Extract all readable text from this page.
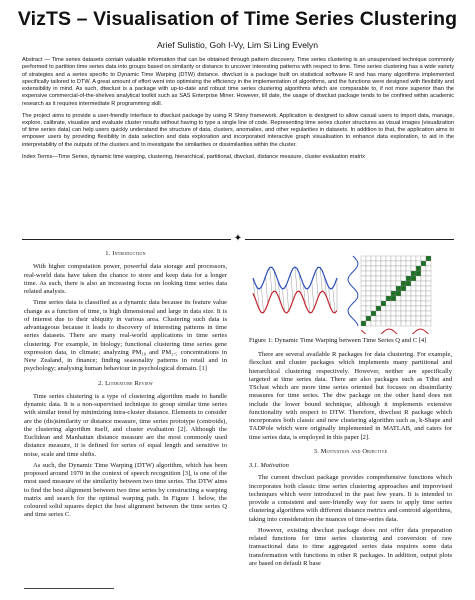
VizTS – Visualisation of Time Series Clustering
Arief Sulistio, Goh I-Vy, Lim Si Ling Evelyn

Abstract — Time series datasets contain valuable information that can be obtained through pattern discovery. Time series clustering is an unsupervised technique commonly performed to partition time series data into groups based on similarity or distance to uncover interesting patterns with respect to time. Time series clustering has a wide variety of strategies and a series specific to Dynamic Time Warping (DTW) distance. dtwclust is a package built on statistical software R and has many algorithms implemented specifically tailored to DTW. A great amount of effort went into optimising the efficiency in the implementation of algorithms, and the functions were designed with flexibility and extensibility in mind. As such, dtwclust is a package with up-to-date and robust time series clustering algorithms which are comparable to, if not more superior than the expensive commercial-of-the-shelves analytical toolkit such as SAS Enterprise Miner. However, till date, the usage of dtwclust package tends to be confined within academic research as it requires intermediate R programming skill.

The project aims to provide a user-friendly interface to dtwclust package by using R Shiny framework. Application is designed to allow casual users to import data, manage, explore, calibrate, visualize and evaluate cluster results without having to type a single line of code. Representing time series cluster structures as visual images (visualization of time series data) can help users quickly understand the structure of data, clusters, anomalies, and other regularities in datasets. In addition to that, the application aims to empower users by providing flexibility in data selection and data exploration and incorporated interactive graph visualisation to enhance data exploration, to aid in the interpretability of the outputs of the clusters and to investigate the similarities or dissimilarities within the cluster.

Index Terms—Time Series, dynamic time warping, clustering, hierarchical, partitional, dtwclust, distance measure, cluster evaluation matrix

✦
1. Introduction

With higher computation power, powerful data storage and processors, real-world data have taken the chance to store and keep data for a longer time. As such, there is also an increasing focus on looking time series data related analysis.

Time series data is classified as a dynamic data because its feature value change as a function of time, is high dimensional and large in data size. It is of interest due to their ubiquity in various area. Clustering such data is advantageous because it leads to discovery of interesting patterns in time series datasets. There are many real-world applications in time series clustering. For example, in biology; functional clustering time series gene expression data, in climate; analyzing PM₁₀ and PM₂.₅ concentrations in New Zealand, in finance; finding seasonality patterns in retail and in psychology; analysing human behaviour in psychological domain. [1]

2. Literature Review

Time series clustering is a type of clustering algorithm made to handle dynamic data. It is a non-supervised technique to group similar time series with similar trend by minimizing intra-cluster distance. Elements to consider are the (dis)similarity or distance measure, time series prototype (centroids), the clustering algorithm itself, and cluster evaluation [2]. Although the Euclidean and Manhattan distance measure are the most commonly used distance measure, it is defined for series of equal length and sensitive to noise, scale and time shifts.

As such, the Dynamic Time Warping (DTW) algorithm, which has been proposed around 1970 in the context of speech recognition [3], is one of the most used measure of the similarity between two time series. The DTW aims to find the best alignment between two time series by constructing a warping matrix and search for the optimal warping path. In Figure 1 below, the coloured solid squares depict the best alignment between the time series Q and time series C.

Figure 1: Dynamic Time Warping between Time Series Q and C [4]

There are several available R packages for data clustering. For example, flexclust and cluster packages which implements many partitional and hierarchical clustering respectively. However, neither are specifically targeted at time series data. There are also packages such as Tdist and TSclust which are more time series oriented but focuses on dissimilarity measures for time series. The dtw package on the other hand does not include the lower bound technique, although it implements extensive functionality with respect to DTW. Therefore, dtwclust R package which incorporates both classic and new clustering algorithm such as, k-Shape and TADPole which were originally implemented in MATLAB, and caters for time series data, is employed in this paper [2].

3. Motivation and Objective
3.1. Motivation

The current dtwclust package provides comprehensive functions which incorporates both classic time series clustering approaches and improvised techniques which were introduced in the past few years. It is intended to provide a consistent and user-friendly way for users to apply time series clustering algorithms with different distance metrics and centroid algorithms, taking into consideration the nuances of time-series data.

However, existing dtwclust package does not offer data preparation related functions for time series clustering and conversion of raw transactional data to time aggregated series data requires some data transformation with functions in other R packages. In addition, output plots are based on default R base
